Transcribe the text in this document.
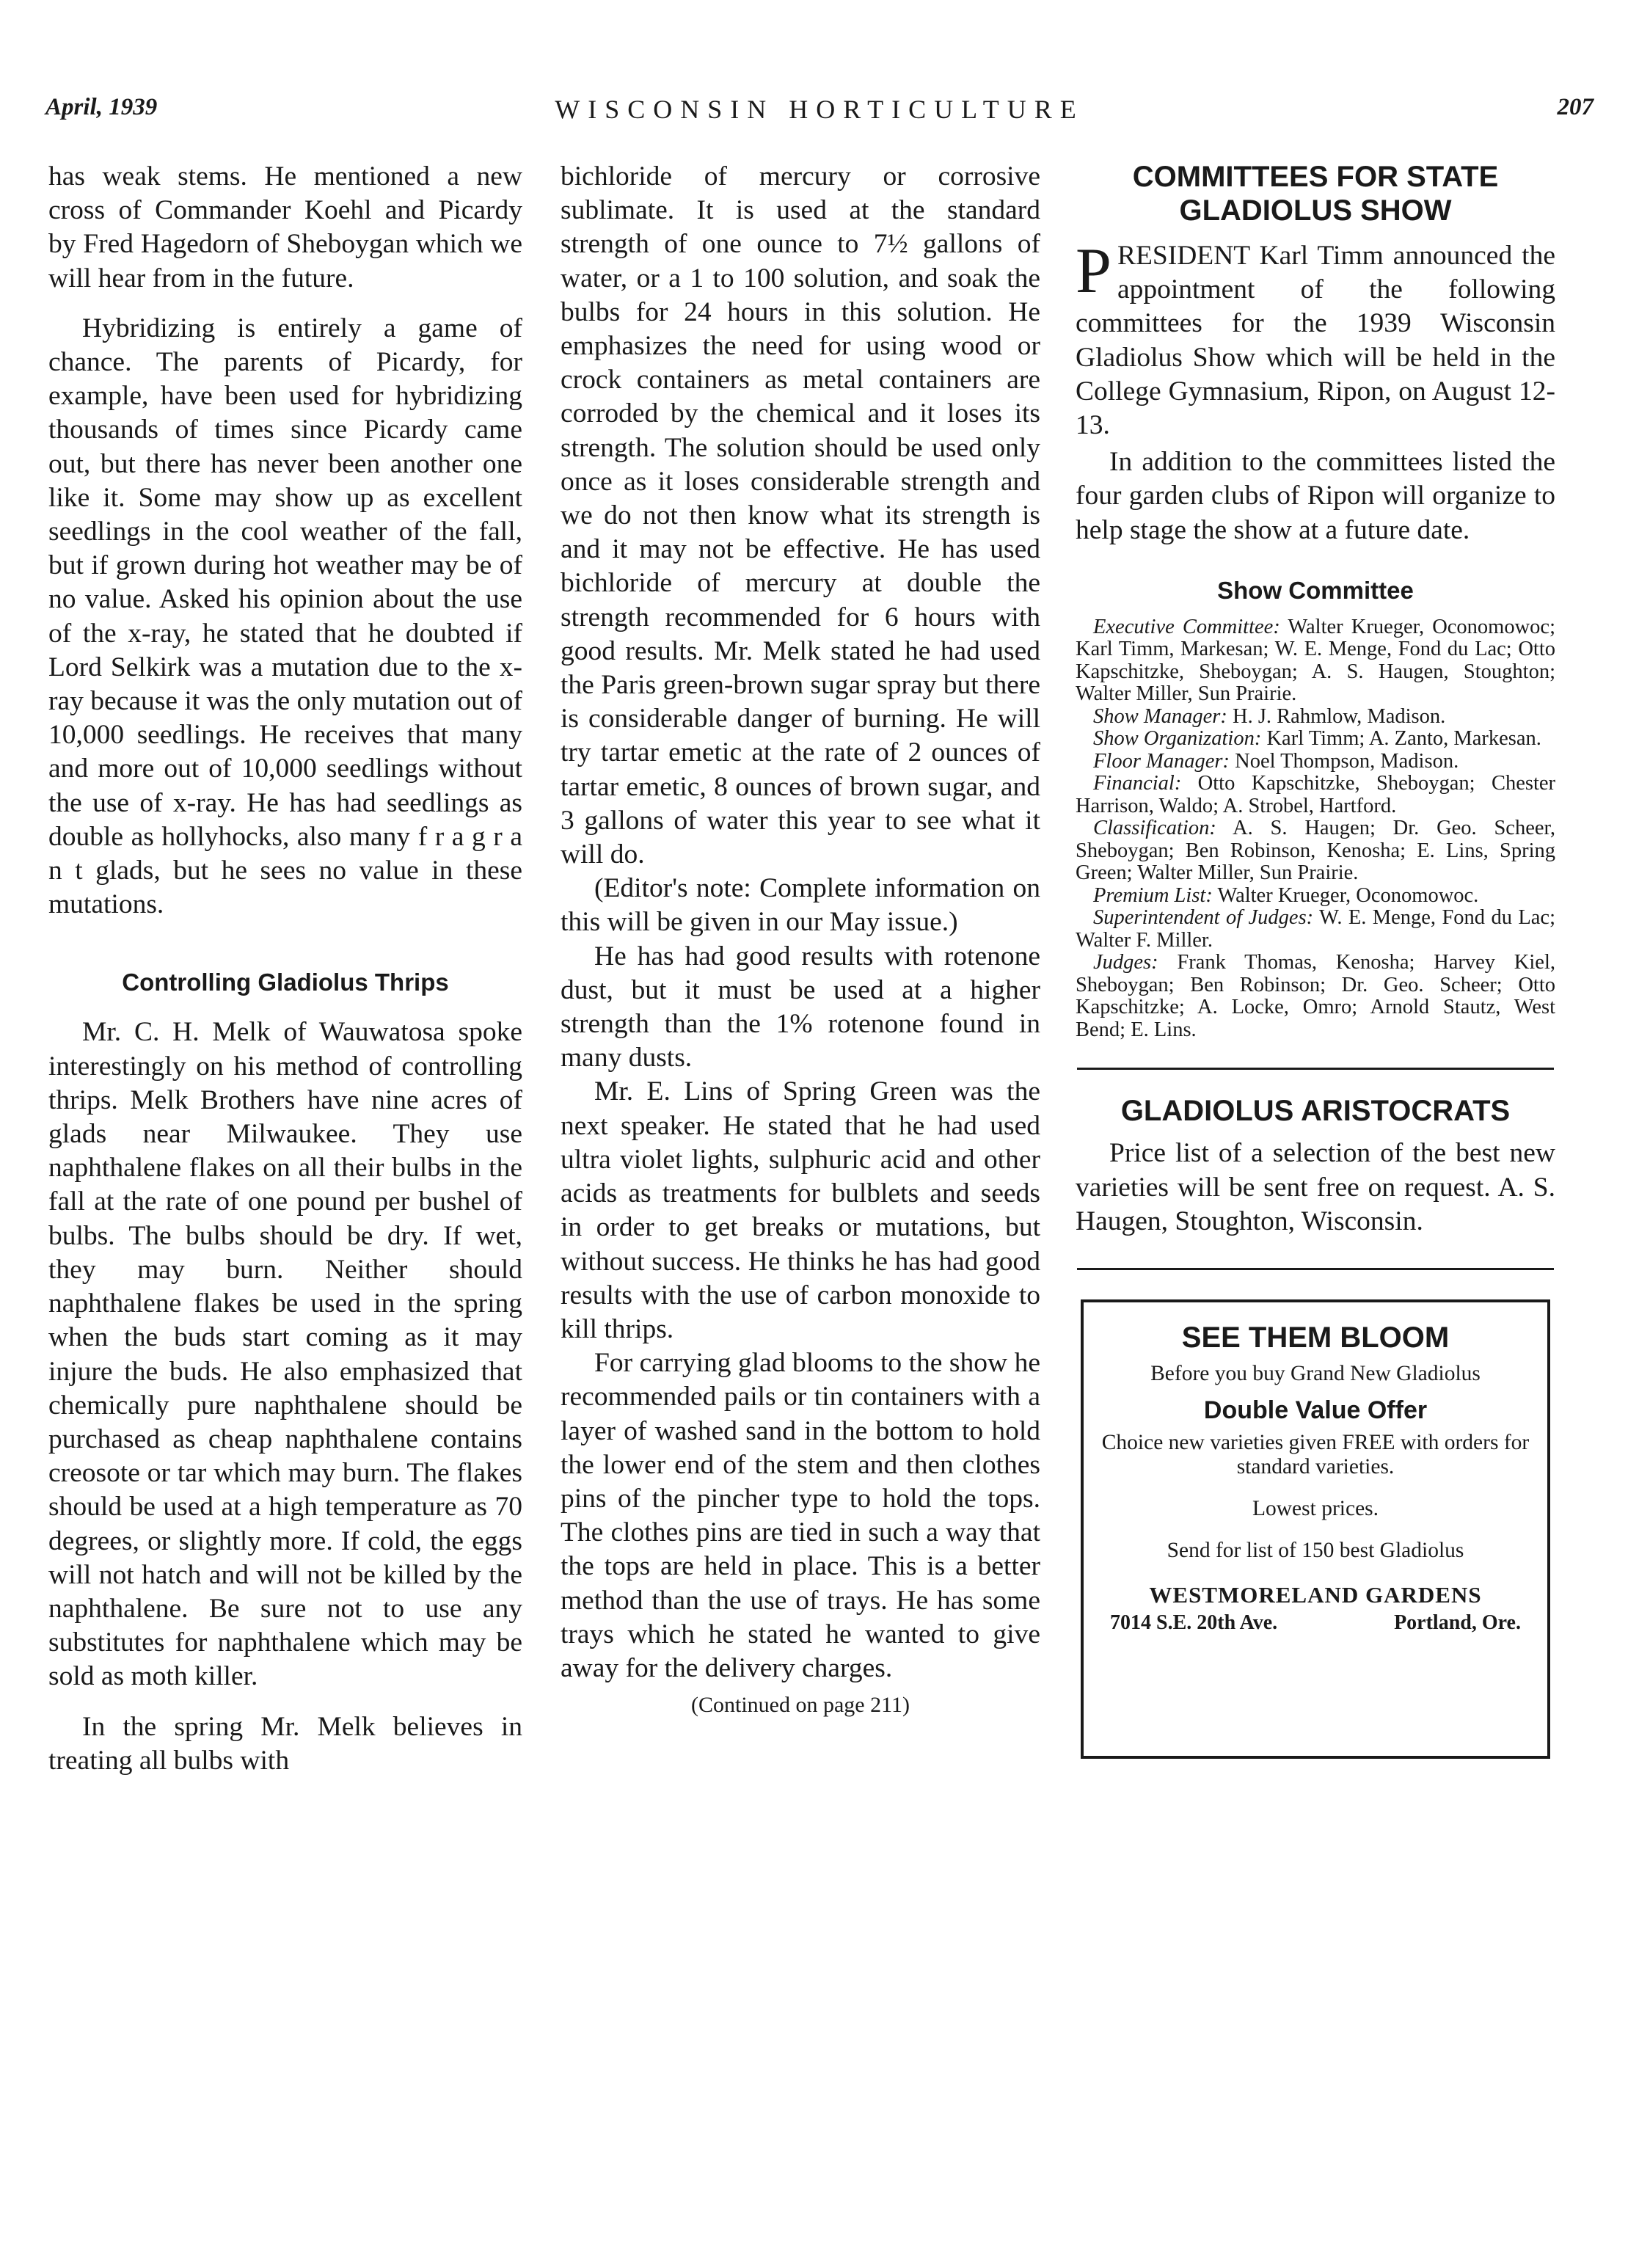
April, 1939	WISCONSIN HORTICULTURE	207

has weak stems. He mentioned a new cross of Commander Koehl and Picardy by Fred Hagedorn of Sheboygan which we will hear from in the future.

Hybridizing is entirely a game of chance. The parents of Picardy, for example, have been used for hybridizing thousands of times since Picardy came out, but there has never been another one like it. Some may show up as excellent seedlings in the cool weather of the fall, but if grown during hot weather may be of no value. Asked his opinion about the use of the x-ray, he stated that he doubted if Lord Selkirk was a mutation due to the x-ray because it was the only mutation out of 10,000 seedlings. He receives that many and more out of 10,000 seedlings without the use of x-ray. He has had seedlings as double as hollyhocks, also many f r a g r a n t glads, but he sees no value in these mutations.

Controlling Gladiolus Thrips

Mr. C. H. Melk of Wauwatosa spoke interestingly on his method of controlling thrips. Melk Brothers have nine acres of glads near Milwaukee. They use naphthalene flakes on all their bulbs in the fall at the rate of one pound per bushel of bulbs. The bulbs should be dry. If wet, they may burn. Neither should naphthalene flakes be used in the spring when the buds start coming as it may injure the buds. He also emphasized that chemically pure naphthalene should be purchased as cheap naphthalene contains creosote or tar which may burn. The flakes should be used at a high temperature as 70 degrees, or slightly more. If cold, the eggs will not hatch and will not be killed by the naphthalene. Be sure not to use any substitutes for naphthalene which may be sold as moth killer.

In the spring Mr. Melk believes in treating all bulbs with

bichloride of mercury or corrosive sublimate. It is used at the standard strength of one ounce to 7½ gallons of water, or a 1 to 100 solution, and soak the bulbs for 24 hours in this solution. He emphasizes the need for using wood or crock containers as metal containers are corroded by the chemical and it loses its strength. The solution should be used only once as it loses considerable strength and we do not then know what its strength is and it may not be effective. He has used bichloride of mercury at double the strength recommended for 6 hours with good results. Mr. Melk stated he had used the Paris green-brown sugar spray but there is considerable danger of burning. He will try tartar emetic at the rate of 2 ounces of tartar emetic, 8 ounces of brown sugar, and 3 gallons of water this year to see what it will do.

(Editor's note: Complete information on this will be given in our May issue.)

He has had good results with rotenone dust, but it must be used at a higher strength than the 1% rotenone found in many dusts.

Mr. E. Lins of Spring Green was the next speaker. He stated that he had used ultra violet lights, sulphuric acid and other acids as treatments for bulblets and seeds in order to get breaks or mutations, but without success. He thinks he has had good results with the use of carbon monoxide to kill thrips.

For carrying glad blooms to the show he recommended pails or tin containers with a layer of washed sand in the bottom to hold the lower end of the stem and then clothes pins of the pincher type to hold the tops. The clothes pins are tied in such a way that the tops are held in place. This is a better method than the use of trays. He has some trays which he stated he wanted to give away for the delivery charges.

(Continued on page 211)

COMMITTEES FOR STATE GLADIOLUS SHOW

PRESIDENT Karl Timm announced the appointment of the following committees for the 1939 Wisconsin Gladiolus Show which will be held in the College Gymnasium, Ripon, on August 12-13.

In addition to the committees listed the four garden clubs of Ripon will organize to help stage the show at a future date.

Show Committee

Executive Committee: Walter Krueger, Oconomowoc; Karl Timm, Markesan; W. E. Menge, Fond du Lac; Otto Kapschitzke, Sheboygan; A. S. Haugen, Stoughton; Walter Miller, Sun Prairie.

Show Manager: H. J. Rahmlow, Madison.

Show Organization: Karl Timm; A. Zanto, Markesan.

Floor Manager: Noel Thompson, Madison.

Financial: Otto Kapschitzke, Sheboygan; Chester Harrison, Waldo; A. Strobel, Hartford.

Classification: A. S. Haugen; Dr. Geo. Scheer, Sheboygan; Ben Robinson, Kenosha; E. Lins, Spring Green; Walter Miller, Sun Prairie.

Premium List: Walter Krueger, Oconomowoc.

Superintendent of Judges: W. E. Menge, Fond du Lac; Walter F. Miller.

Judges: Frank Thomas, Kenosha; Harvey Kiel, Sheboygan; Ben Robinson; Dr. Geo. Scheer; Otto Kapschitzke; A. Locke, Omro; Arnold Stautz, West Bend; E. Lins.

GLADIOLUS ARISTOCRATS

Price list of a selection of the best new varieties will be sent free on request. A. S. Haugen, Stoughton, Wisconsin.

SEE THEM BLOOM

Before you buy Grand New Gladiolus

Double Value Offer

Choice new varieties given FREE with orders for standard varieties.

Lowest prices.

Send for list of 150 best Gladiolus

WESTMORELAND GARDENS

7014 S.E. 20th Ave.	Portland, Ore.
